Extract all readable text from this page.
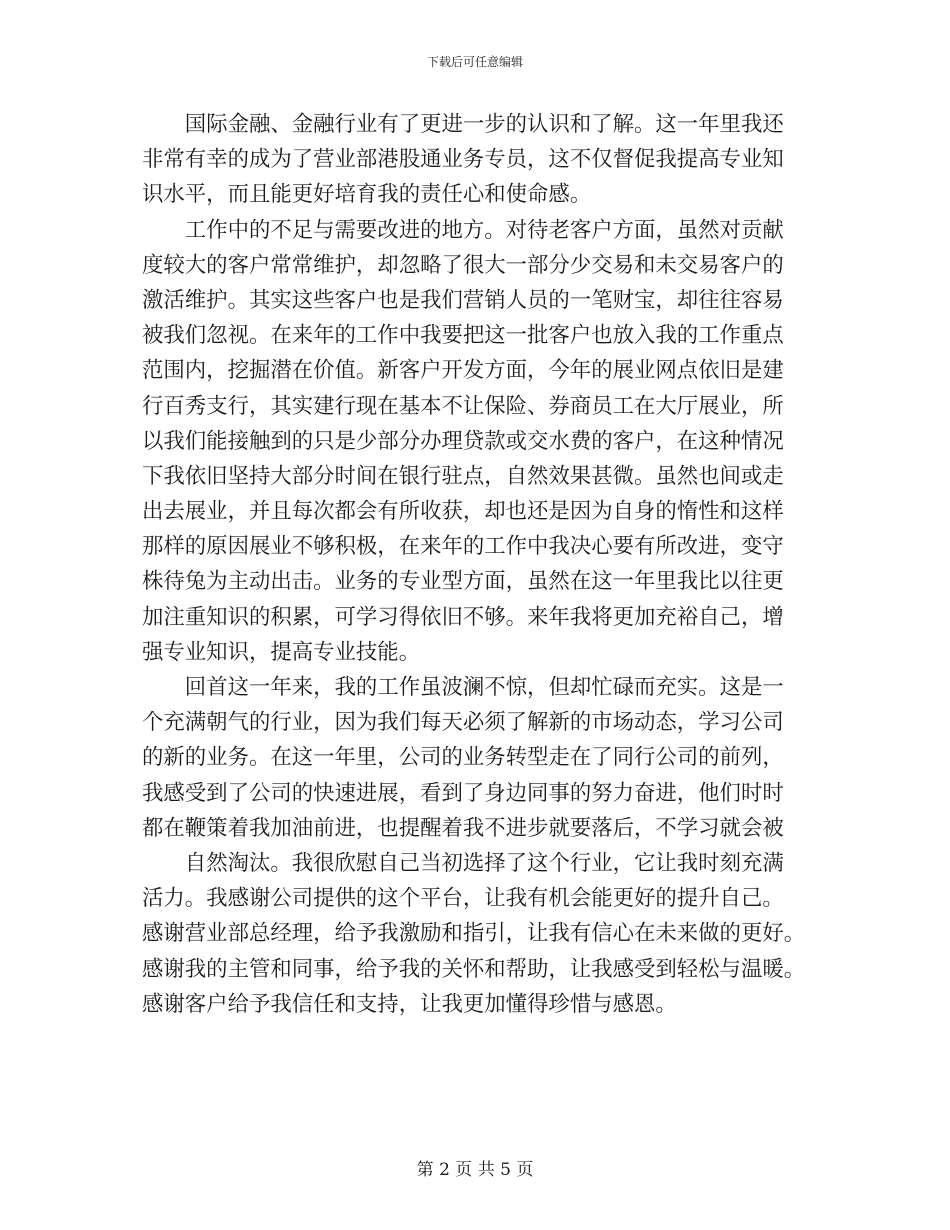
下载后可任意编辑
国际金融、金融行业有了更进一步的认识和了解。这一年里我还
非常有幸的成为了营业部港股通业务专员，这不仅督促我提高专业知
识水平，而且能更好培育我的责任心和使命感。
工作中的不足与需要改进的地方。对待老客户方面，虽然对贡献
度较大的客户常常维护，却忽略了很大一部分少交易和未交易客户的
激活维护。其实这些客户也是我们营销人员的一笔财宝，却往往容易
被我们忽视。在来年的工作中我要把这一批客户也放入我的工作重点
范围内，挖掘潜在价值。新客户开发方面，今年的展业网点依旧是建
行百秀支行，其实建行现在基本不让保险、券商员工在大厅展业，所
以我们能接触到的只是少部分办理贷款或交水费的客户，在这种情况
下我依旧坚持大部分时间在银行驻点，自然效果甚微。虽然也间或走
出去展业，并且每次都会有所收获，却也还是因为自身的惰性和这样
那样的原因展业不够积极，在来年的工作中我决心要有所改进，变守
株待兔为主动出击。业务的专业型方面，虽然在这一年里我比以往更
加注重知识的积累，可学习得依旧不够。来年我将更加充裕自己，增
强专业知识，提高专业技能。
回首这一年来，我的工作虽波澜不惊，但却忙碌而充实。这是一
个充满朝气的行业，因为我们每天必须了解新的市场动态，学习公司
的新的业务。在这一年里，公司的业务转型走在了同行公司的前列，
我感受到了公司的快速进展，看到了身边同事的努力奋进，他们时时
都在鞭策着我加油前进，也提醒着我不进步就要落后，不学习就会被
自然淘汰。我很欣慰自己当初选择了这个行业，它让我时刻充满
活力。我感谢公司提供的这个平台，让我有机会能更好的提升自己。
感谢营业部总经理，给予我激励和指引，让我有信心在未来做的更好。
感谢我的主管和同事，给予我的关怀和帮助，让我感受到轻松与温暖。
感谢客户给予我信任和支持，让我更加懂得珍惜与感恩。
第 2 页 共 5 页
